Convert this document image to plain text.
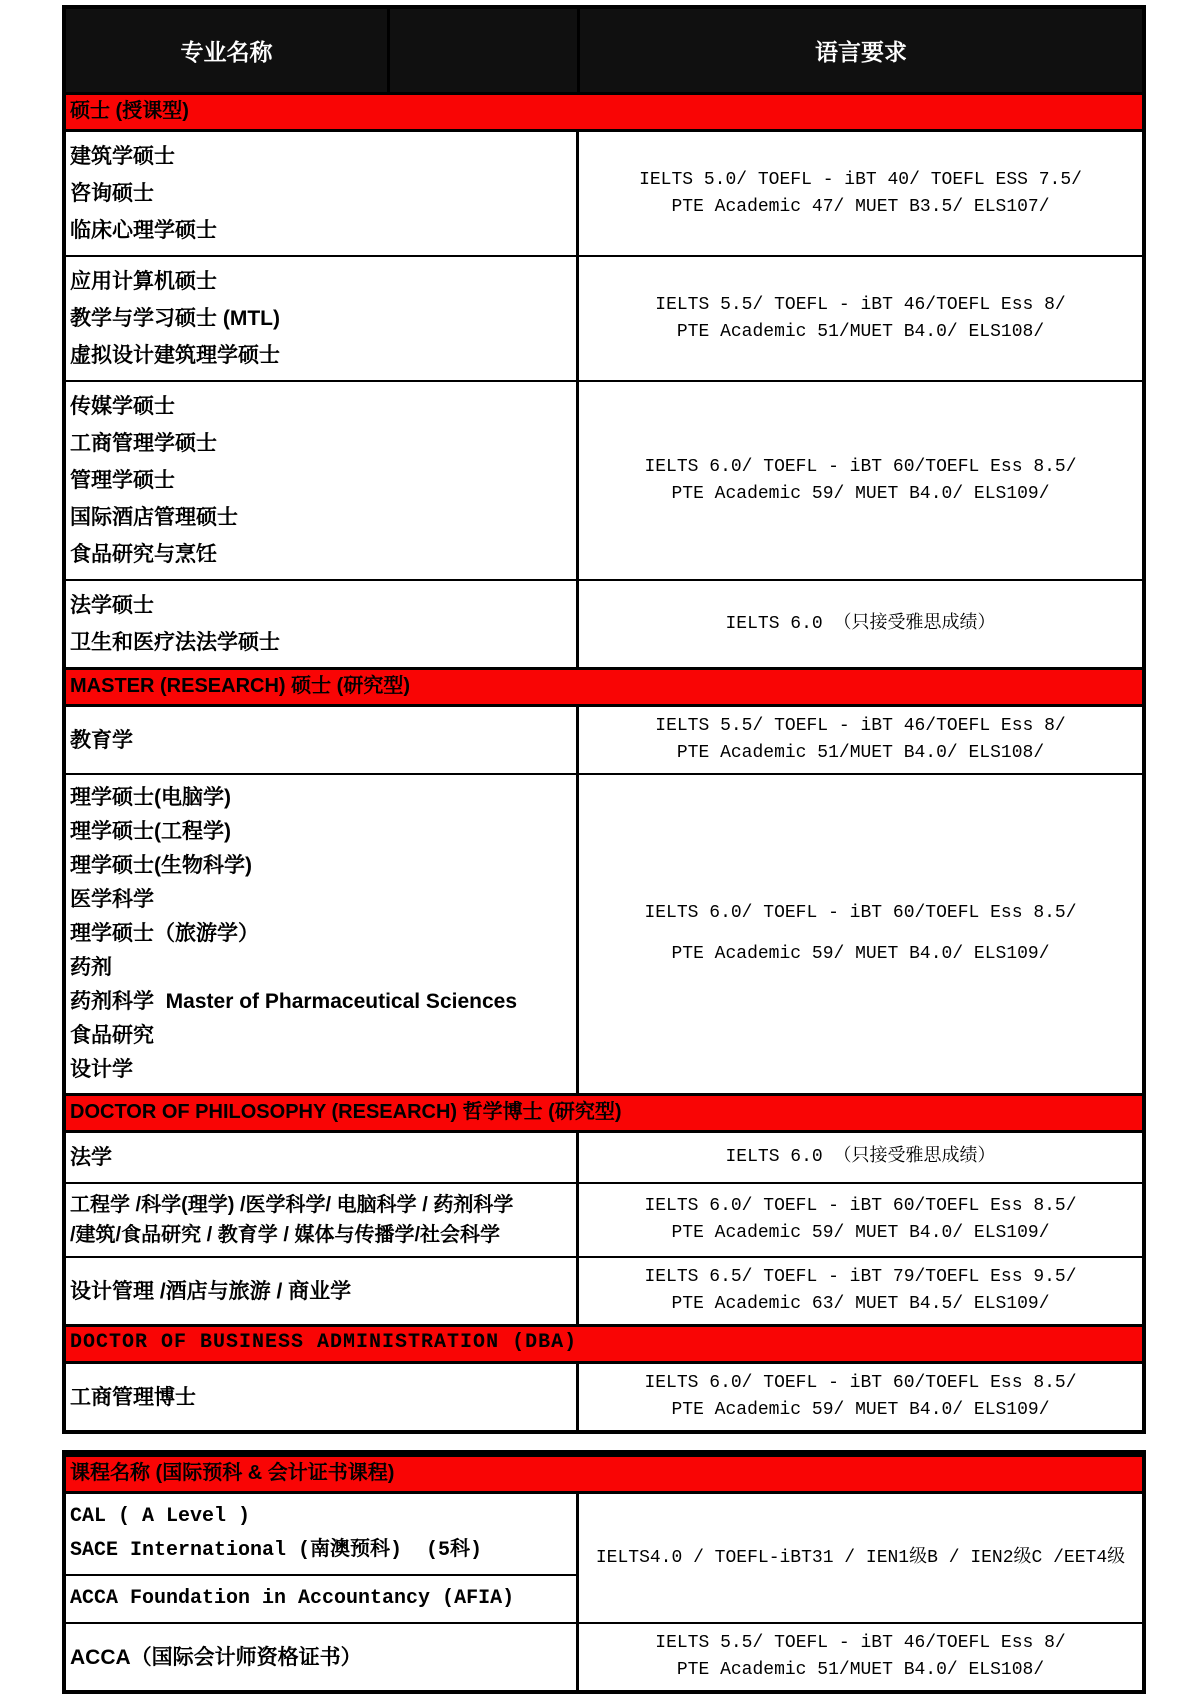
专业名称	语言要求
硕士 (授课型)
建筑学硕士
咨询硕士
临床心理学硕士
IELTS 5.0/ TOEFL - iBT 40/ TOEFL ESS 7.5/
PTE Academic 47/ MUET B3.5/ ELS107/
应用计算机硕士
教学与学习硕士 (MTL)
虚拟设计建筑理学硕士
IELTS 5.5/ TOEFL - iBT 46/TOEFL Ess 8/
PTE Academic 51/MUET B4.0/ ELS108/
传媒学硕士
工商管理学硕士
管理学硕士
国际酒店管理硕士
食品研究与烹饪
IELTS 6.0/ TOEFL - iBT 60/TOEFL Ess 8.5/
PTE Academic 59/ MUET B4.0/ ELS109/
法学硕士
卫生和医疗法法学硕士
IELTS 6.0 （只接受雅思成绩）
MASTER (RESEARCH) 硕士 (研究型)
教育学
IELTS 5.5/ TOEFL - iBT 46/TOEFL Ess 8/
PTE Academic 51/MUET B4.0/ ELS108/
理学硕士(电脑学)
理学硕士(工程学)
理学硕士(生物科学)
医学科学
理学硕士（旅游学）
药剂
药剂科学  Master of Pharmaceutical Sciences
食品研究
设计学
IELTS 6.0/ TOEFL - iBT 60/TOEFL Ess 8.5/
PTE Academic 59/ MUET B4.0/ ELS109/
DOCTOR OF PHILOSOPHY (RESEARCH) 哲学博士 (研究型)
法学	IELTS 6.0 （只接受雅思成绩）
工程学 /科学(理学) /医学科学/ 电脑科学 / 药剂科学
/建筑/食品研究 / 教育学 / 媒体与传播学/社会科学
IELTS 6.0/ TOEFL - iBT 60/TOEFL Ess 8.5/
PTE Academic 59/ MUET B4.0/ ELS109/
设计管理 /酒店与旅游 / 商业学
IELTS 6.5/ TOEFL - iBT 79/TOEFL Ess 9.5/
PTE Academic 63/ MUET B4.5/ ELS109/
DOCTOR OF BUSINESS ADMINISTRATION (DBA)
工商管理博士
IELTS 6.0/ TOEFL - iBT 60/TOEFL Ess 8.5/
PTE Academic 59/ MUET B4.0/ ELS109/
课程名称 (国际预科 & 会计证书课程)
CAL ( A Level )
SACE International (南澳预科)  (5科)
ACCA Foundation in Accountancy (AFIA)
IELTS4.0 / TOEFL-iBT31 / IEN1级B / IEN2级C /EET4级
ACCA（国际会计师资格证书）
IELTS 5.5/ TOEFL - iBT 46/TOEFL Ess 8/
PTE Academic 51/MUET B4.0/ ELS108/
